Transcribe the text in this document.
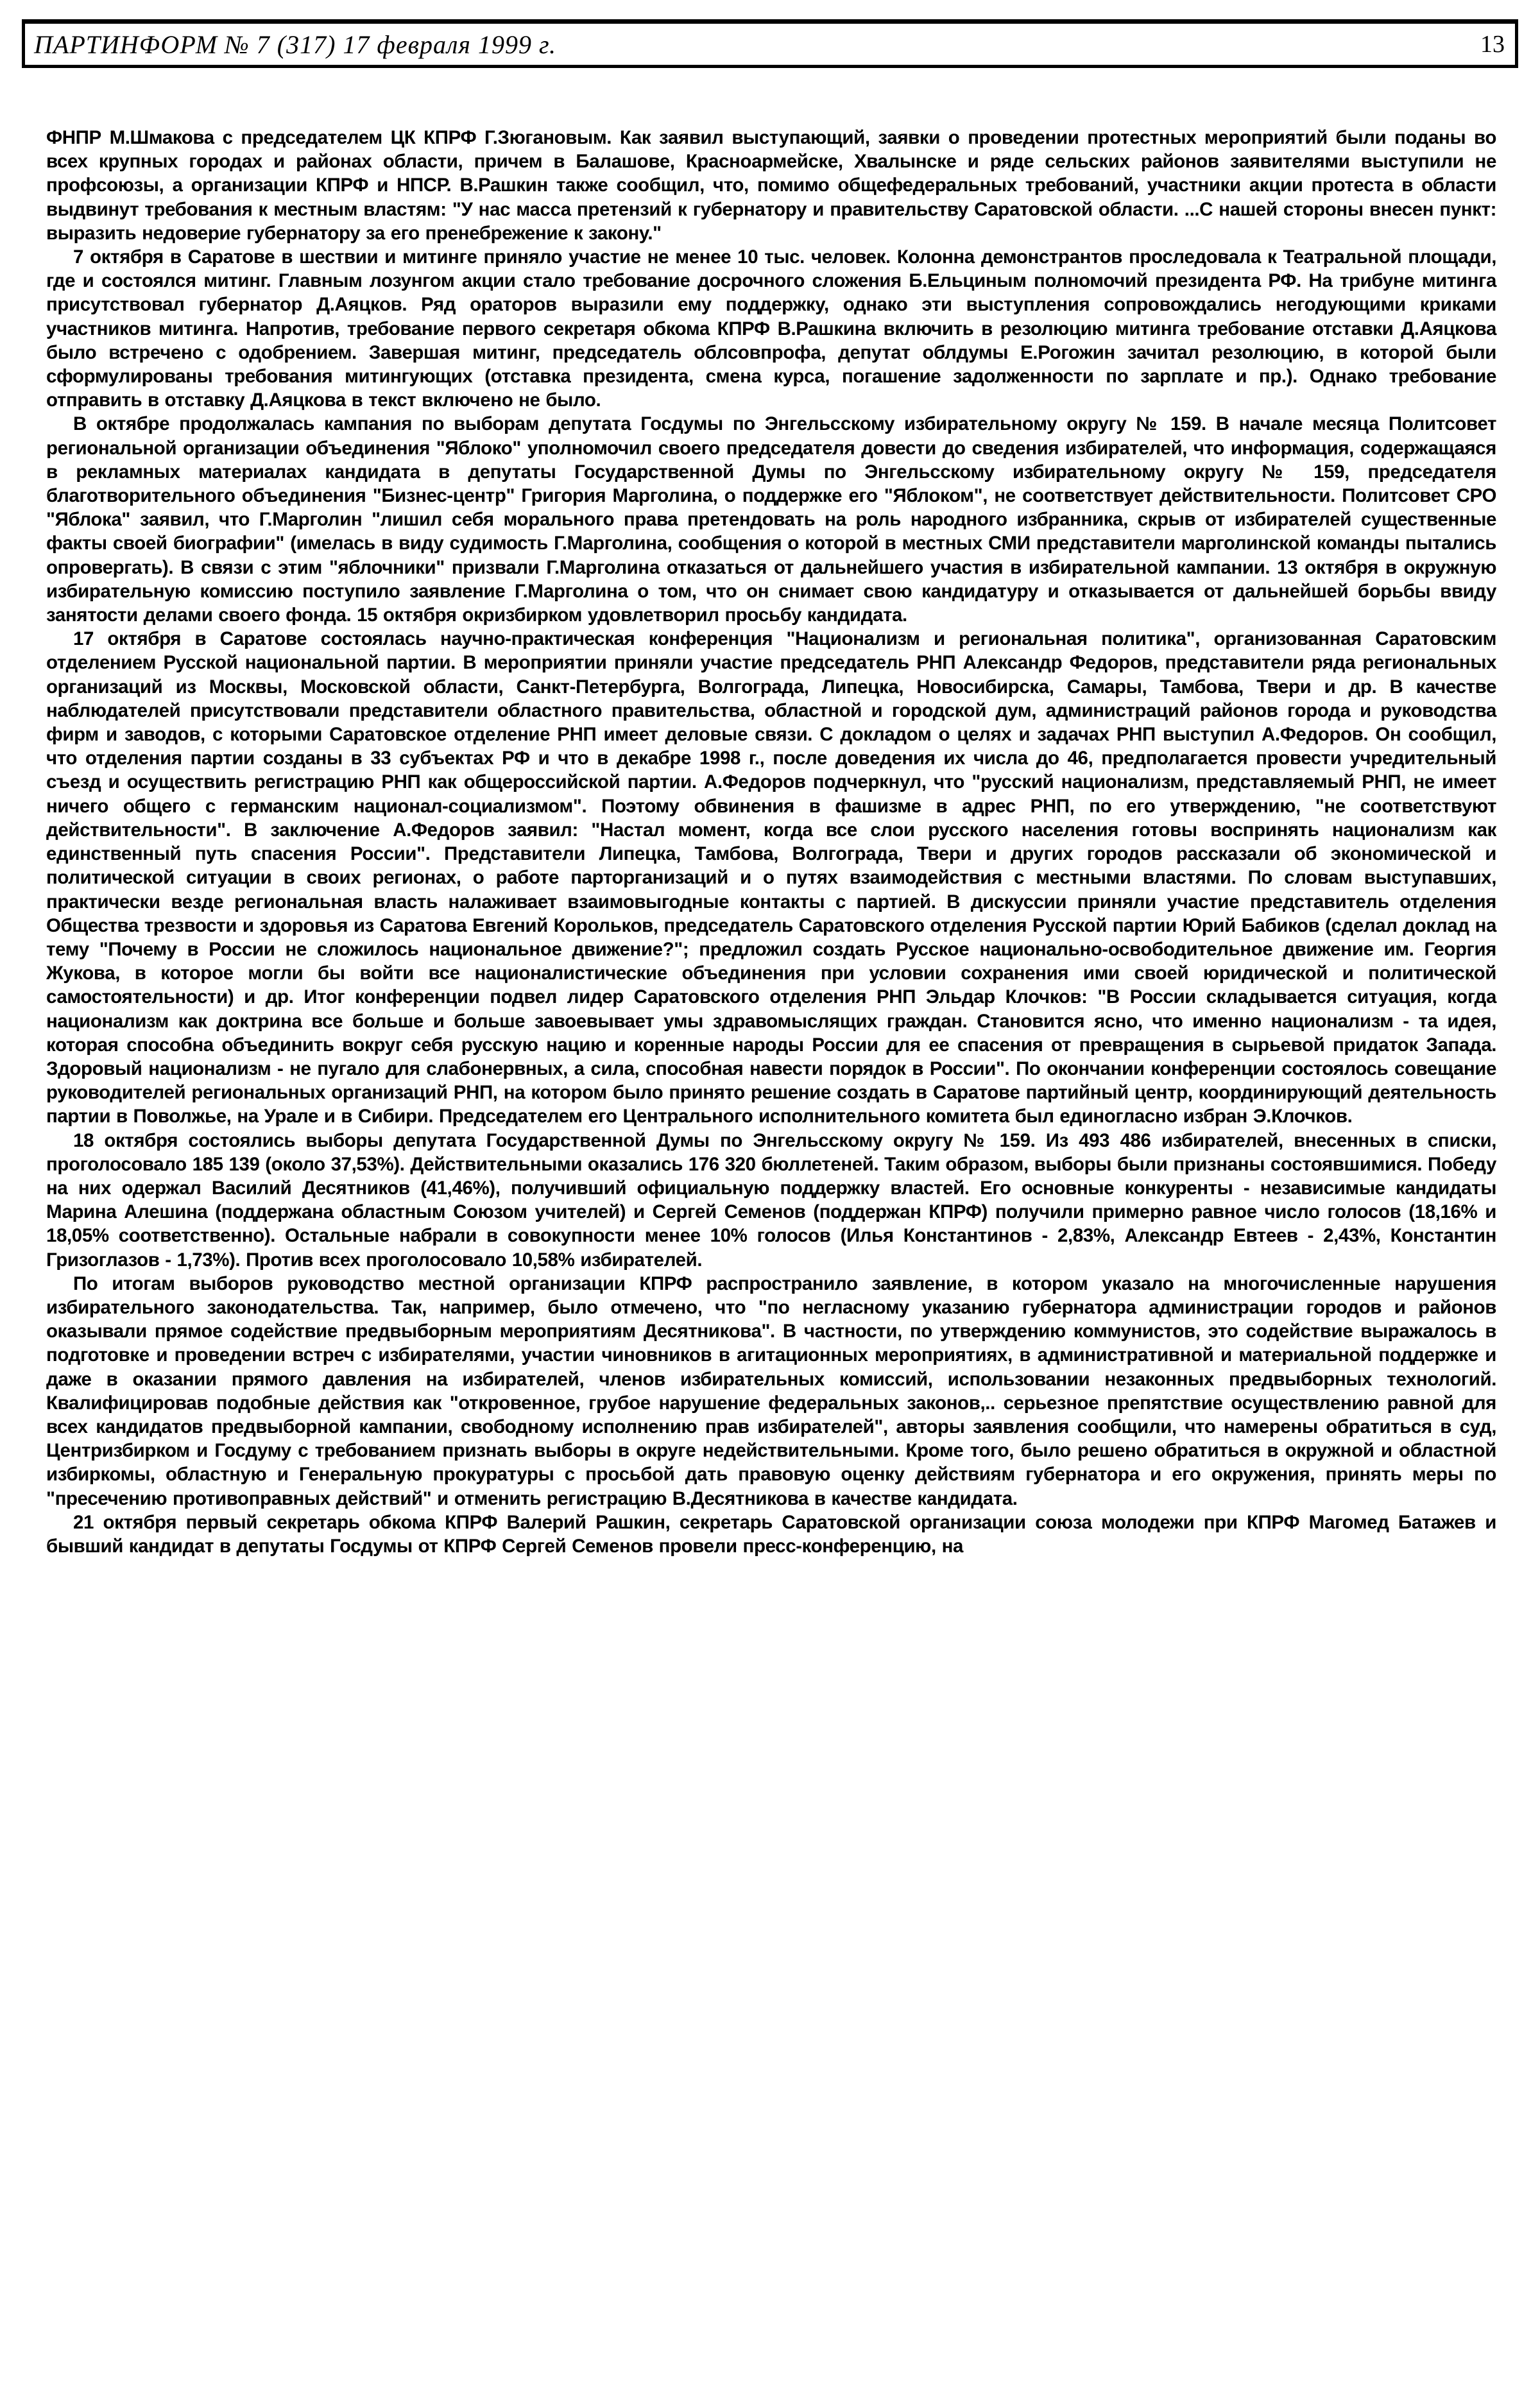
ПАРТИНФОРМ № 7 (317) 17 февраля 1999 г.	13

ФНПР М.Шмакова с председателем ЦК КПРФ Г.Зюгановым. Как заявил выступающий, заявки о проведении протестных мероприятий были поданы во всех крупных городах и районах области, причем в Балашове, Красноармейске, Хвалынске и ряде сельских районов заявителями выступили не профсоюзы, а организации КПРФ и НПСР. В.Рашкин также сообщил, что, помимо общефедеральных требований, участники акции протеста в области выдвинут требования к местным властям: "У нас масса претензий к губернатору и правительству Саратовской области. ...С нашей стороны внесен пункт: выразить недоверие губернатору за его пренебрежение к закону."

7 октября в Саратове в шествии и митинге приняло участие не менее 10 тыс. человек. Колонна демонстрантов проследовала к Театральной площади, где и состоялся митинг. Главным лозунгом акции стало требование досрочного сложения Б.Ельциным полномочий президента РФ. На трибуне митинга присутствовал губернатор Д.Аяцков. Ряд ораторов выразили ему поддержку, однако эти выступления сопровождались негодующими криками участников митинга. Напротив, требование первого секретаря обкома КПРФ В.Рашкина включить в резолюцию митинга требование отставки Д.Аяцкова было встречено с одобрением. Завершая митинг, председатель облсовпрофа, депутат облдумы Е.Рогожин зачитал резолюцию, в которой были сформулированы требования митингующих (отставка президента, смена курса, погашение задолженности по зарплате и пр.). Однако требование отправить в отставку Д.Аяцкова в текст включено не было.

В октябре продолжалась кампания по выборам депутата Госдумы по Энгельсскому избирательному округу № 159. В начале месяца Политсовет региональной организации объединения "Яблоко" уполномочил своего председателя довести до сведения избирателей, что информация, содержащаяся в рекламных материалах кандидата в депутаты Государственной Думы по Энгельсскому избирательному округу № 159, председателя благотворительного объединения "Бизнес-центр" Григория Марголина, о поддержке его "Яблоком", не соответствует действительности. Политсовет СРО "Яблока" заявил, что Г.Марголин "лишил себя морального права претендовать на роль народного избранника, скрыв от избирателей существенные факты своей биографии" (имелась в виду судимость Г.Марголина, сообщения о которой в местных СМИ представители марголинской команды пытались опровергать). В связи с этим "яблочники" призвали Г.Марголина отказаться от дальнейшего участия в избирательной кампании. 13 октября в окружную избирательную комиссию поступило заявление Г.Марголина о том, что он снимает свою кандидатуру и отказывается от дальнейшей борьбы ввиду занятости делами своего фонда. 15 октября окризбирком удовлетворил просьбу кандидата.

17 октября в Саратове состоялась научно-практическая конференция "Национализм и региональная политика", организованная Саратовским отделением Русской национальной партии. В мероприятии приняли участие председатель РНП Александр Федоров, представители ряда региональных организаций из Москвы, Московской области, Санкт-Петербурга, Волгограда, Липецка, Новосибирска, Самары, Тамбова, Твери и др. В качестве наблюдателей присутствовали представители областного правительства, областной и городской дум, администраций районов города и руководства фирм и заводов, с которыми Саратовское отделение РНП имеет деловые связи. С докладом о целях и задачах РНП выступил А.Федоров. Он сообщил, что отделения партии созданы в 33 субъектах РФ и что в декабре 1998 г., после доведения их числа до 46, предполагается провести учредительный съезд и осуществить регистрацию РНП как общероссийской партии. А.Федоров подчеркнул, что "русский национализм, представляемый РНП, не имеет ничего общего с германским национал-социализмом". Поэтому обвинения в фашизме в адрес РНП, по его утверждению, "не соответствуют действительности". В заключение А.Федоров заявил: "Настал момент, когда все слои русского населения готовы воспринять национализм как единственный путь спасения России". Представители Липецка, Тамбова, Волгограда, Твери и других городов рассказали об экономической и политической ситуации в своих регионах, о работе парторганизаций и о путях взаимодействия с местными властями. По словам выступавших, практически везде региональная власть налаживает взаимовыгодные контакты с партией. В дискуссии приняли участие представитель отделения Общества трезвости и здоровья из Саратова Евгений Корольков, председатель Саратовского отделения Русской партии Юрий Бабиков (сделал доклад на тему "Почему в России не сложилось национальное движение?"; предложил создать Русское национально-освободительное движение им. Георгия Жукова, в которое могли бы войти все националистические объединения при условии сохранения ими своей юридической и политической самостоятельности) и др. Итог конференции подвел лидер Саратовского отделения РНП Эльдар Клочков: "В России складывается ситуация, когда национализм как доктрина все больше и больше завоевывает умы здравомыслящих граждан. Становится ясно, что именно национализм - та идея, которая способна объединить вокруг себя русскую нацию и коренные народы России для ее спасения от превращения в сырьевой придаток Запада. Здоровый национализм - не пугало для слабонервных, а сила, способная навести порядок в России". По окончании конференции состоялось совещание руководителей региональных организаций РНП, на котором было принято решение создать в Саратове партийный центр, координирующий деятельность партии в Поволжье, на Урале и в Сибири. Председателем его Центрального исполнительного комитета был единогласно избран Э.Клочков.

18 октября состоялись выборы депутата Государственной Думы по Энгельсскому округу № 159. Из 493 486 избирателей, внесенных в списки, проголосовало 185 139 (около 37,53%). Действительными оказались 176 320 бюллетеней. Таким образом, выборы были признаны состоявшимися. Победу на них одержал Василий Десятников (41,46%), получивший официальную поддержку властей. Его основные конкуренты - независимые кандидаты Марина Алешина (поддержана областным Союзом учителей) и Сергей Семенов (поддержан КПРФ) получили примерно равное число голосов (18,16% и 18,05% соответственно). Остальные набрали в совокупности менее 10% голосов (Илья Константинов - 2,83%, Александр Евтеев - 2,43%, Константин Гризоглазов - 1,73%). Против всех проголосовало 10,58% избирателей.

По итогам выборов руководство местной организации КПРФ распространило заявление, в котором указало на многочисленные нарушения избирательного законодательства. Так, например, было отмечено, что "по негласному указанию губернатора администрации городов и районов оказывали прямое содействие предвыборным мероприятиям Десятникова". В частности, по утверждению коммунистов, это содействие выражалось в подготовке и проведении встреч с избирателями, участии чиновников в агитационных мероприятиях, в административной и материальной поддержке и даже в оказании прямого давления на избирателей, членов избирательных комиссий, использовании незаконных предвыборных технологий. Квалифицировав подобные действия как "откровенное, грубое нарушение федеральных законов,.. серьезное препятствие осуществлению равной для всех кандидатов предвыборной кампании, свободному исполнению прав избирателей", авторы заявления сообщили, что намерены обратиться в суд, Центризбирком и Госдуму с требованием признать выборы в округе недействительными. Кроме того, было решено обратиться в окружной и областной избиркомы, областную и Генеральную прокуратуры с просьбой дать правовую оценку действиям губернатора и его окружения, принять меры по "пресечению противоправных действий" и отменить регистрацию В.Десятникова в качестве кандидата.

21 октября первый секретарь обкома КПРФ Валерий Рашкин, секретарь Саратовской организации союза молодежи при КПРФ Магомед Батажев и бывший кандидат в депутаты Госдумы от КПРФ Сергей Семенов провели пресс-конференцию, на
